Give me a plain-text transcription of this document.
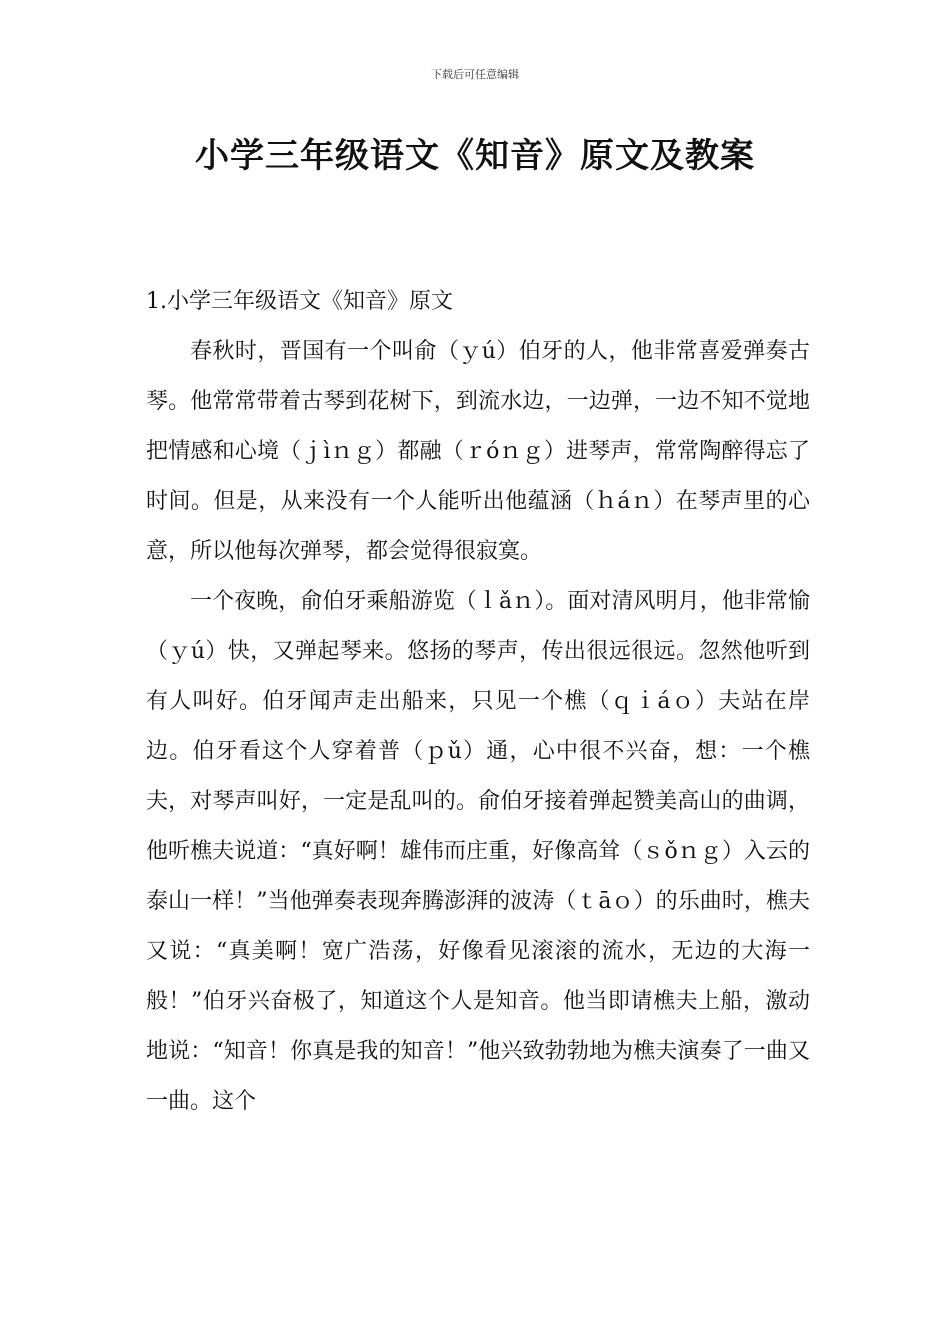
下载后可任意编辑
小学三年级语文《知音》原文及教案

1.小学三年级语文《知音》原文

春秋时，晋国有一个叫俞（ｙú）伯牙的人，他非常喜爱弹奏古琴。他常常带着古琴到花树下，到流水边，一边弹，一边不知不觉地把情感和心境（ｊìｎｇ）都融（ｒóｎｇ）进琴声，常常陶醉得忘了时间。但是，从来没有一个人能听出他蕴涵（ｈáｎ）在琴声里的心意，所以他每次弹琴，都会觉得很寂寞。

一个夜晚，俞伯牙乘船游览（ｌǎｎ）。面对清风明月，他非常愉（ｙú）快，又弹起琴来。悠扬的琴声，传出很远很远。忽然他听到有人叫好。伯牙闻声走出船来，只见一个樵（ｑｉáｏ）夫站在岸边。伯牙看这个人穿着普（ｐǔ）通，心中很不兴奋，想：一个樵夫，对琴声叫好，一定是乱叫的。俞伯牙接着弹起赞美高山的曲调，他听樵夫说道：“真好啊！雄伟而庄重，好像高耸（ｓǒｎｇ）入云的泰山一样！”当他弹奏表现奔腾澎湃的波涛（ｔāｏ）的乐曲时，樵夫又说：“真美啊！宽广浩荡，好像看见滚滚的流水，无边的大海一般！”伯牙兴奋极了，知道这个人是知音。他当即请樵夫上船，激动地说：“知音！你真是我的知音！”他兴致勃勃地为樵夫演奏了一曲又一曲。这个
